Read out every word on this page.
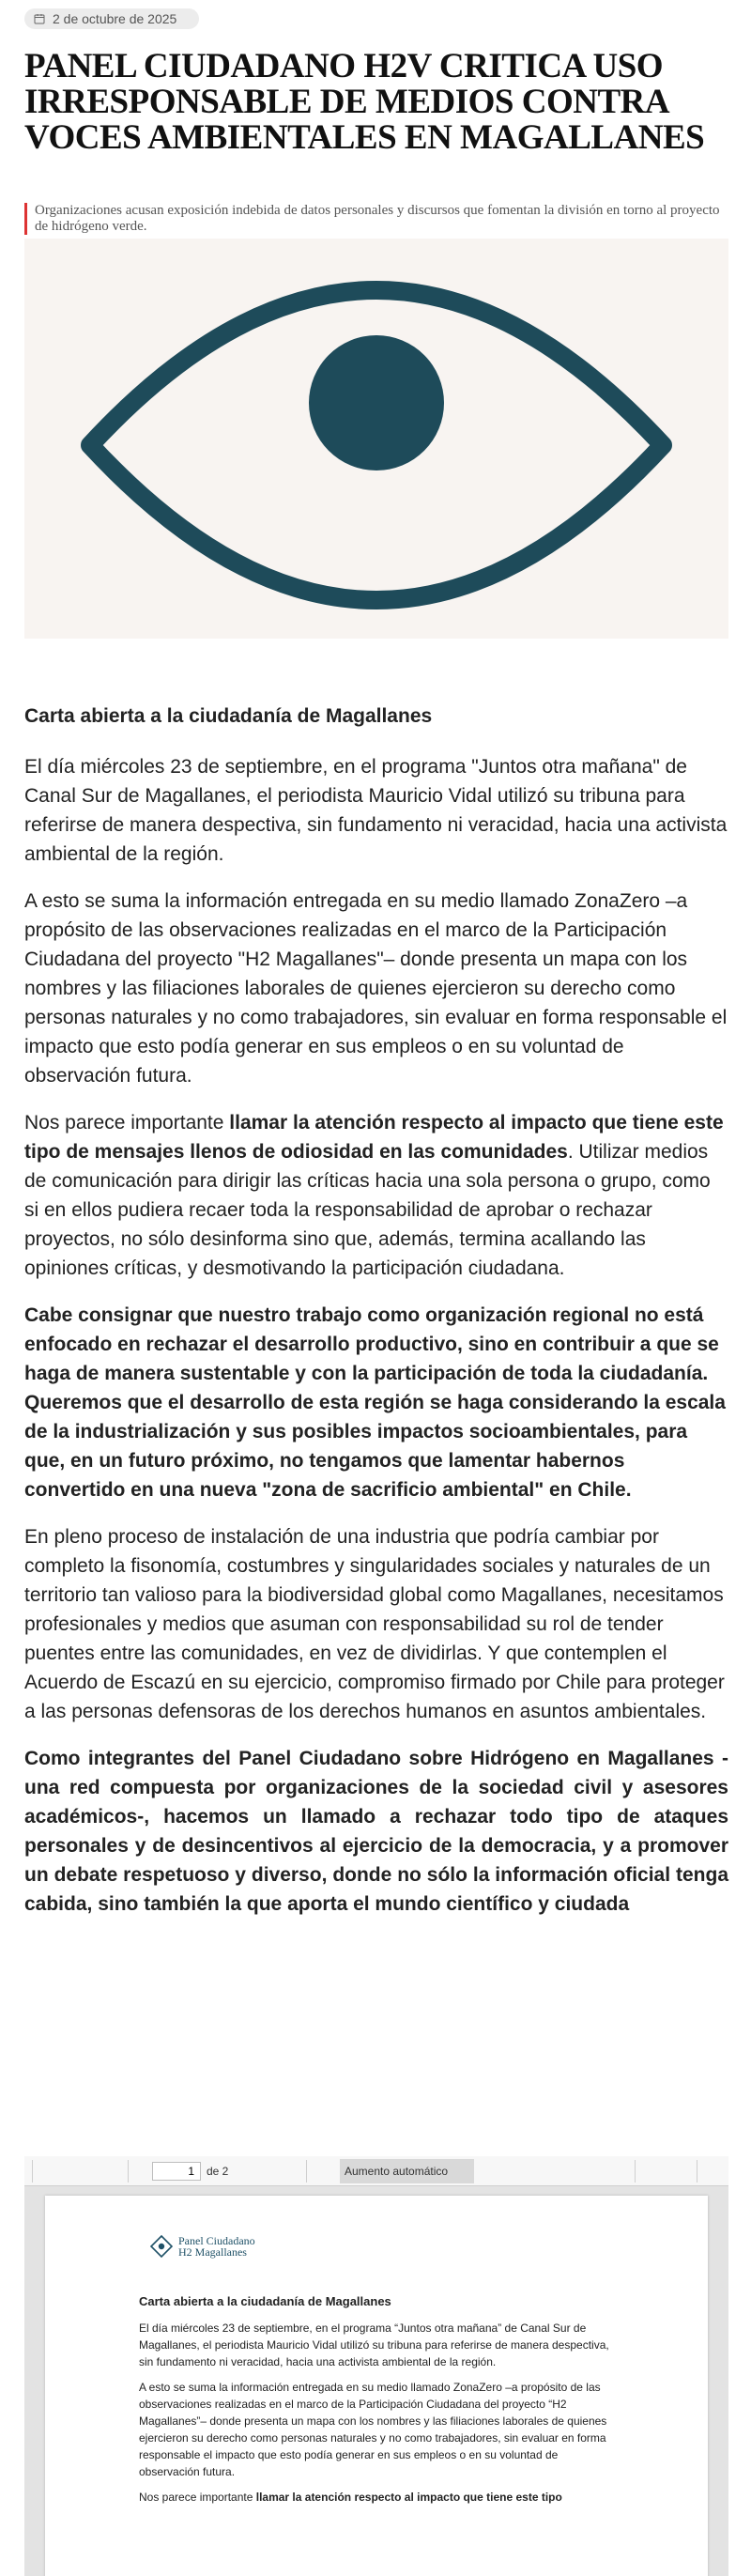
2 de octubre de 2025
PANEL CIUDADANO H2V CRITICA USO IRRESPONSABLE DE MEDIOS CONTRA VOCES AMBIENTALES EN MAGALLANES
Organizaciones acusan exposición indebida de datos personales y discursos que fomentan la división en torno al proyecto de hidrógeno verde.
Carta abierta a la ciudadanía de Magallanes

El día miércoles 23 de septiembre, en el programa "Juntos otra mañana" de Canal Sur de Magallanes, el periodista Mauricio Vidal utilizó su tribuna para referirse de manera despectiva, sin fundamento ni veracidad, hacia una activista ambiental de la región.

A esto se suma la información entregada en su medio llamado ZonaZero –a propósito de las observaciones realizadas en el marco de la Participación Ciudadana del proyecto "H2 Magallanes"– donde presenta un mapa con los nombres y las filiaciones laborales de quienes ejercieron su derecho como personas naturales y no como trabajadores, sin evaluar en forma responsable el impacto que esto podía generar en sus empleos o en su voluntad de observación futura.

Nos parece importante llamar la atención respecto al impacto que tiene este tipo de mensajes llenos de odiosidad en las comunidades. Utilizar medios de comunicación para dirigir las críticas hacia una sola persona o grupo, como si en ellos pudiera recaer toda la responsabilidad de aprobar o rechazar proyectos, no sólo desinforma sino que, además, termina acallando las opiniones críticas, y desmotivando la participación ciudadana.

Cabe consignar que nuestro trabajo como organización regional no está enfocado en rechazar el desarrollo productivo, sino en contribuir a que se haga de manera sustentable y con la participación de toda la ciudadanía. Queremos que el desarrollo de esta región se haga considerando la escala de la industrialización y sus posibles impactos socioambientales, para que, en un futuro próximo, no tengamos que lamentar habernos convertido en una nueva "zona de sacrificio ambiental" en Chile.

En pleno proceso de instalación de una industria que podría cambiar por completo la fisonomía, costumbres y singularidades sociales y naturales de un territorio tan valioso para la biodiversidad global como Magallanes, necesitamos profesionales y medios que asuman con responsabilidad su rol de tender puentes entre las comunidades, en vez de dividirlas. Y que contemplen el Acuerdo de Escazú en su ejercicio, compromiso firmado por Chile para proteger a las personas defensoras de los derechos humanos en asuntos ambientales.

Como integrantes del Panel Ciudadano sobre Hidrógeno en Magallanes - una red compuesta por organizaciones de la sociedad civil y asesores académicos-, hacemos un llamado a rechazar todo tipo de ataques personales y de desincentivos al ejercicio de la democracia, y a promover un debate respetuoso y diverso, donde no sólo la información oficial tenga cabida, sino también la que aporta el mundo científico y ciudada

1
de 2	Aumento automático
Panel Ciudadano
H2 Magallanes
Carta abierta a la ciudadanía de Magallanes

El día miércoles 23 de septiembre, en el programa “Juntos otra mañana” de Canal Sur de Magallanes, el periodista Mauricio Vidal utilizó su tribuna para referirse de manera despectiva, sin fundamento ni veracidad, hacia una activista ambiental de la región.

A esto se suma la información entregada en su medio llamado ZonaZero –a propósito de las observaciones realizadas en el marco de la Participación Ciudadana del proyecto “H2 Magallanes”– donde presenta un mapa con los nombres y las filiaciones laborales de quienes ejercieron su derecho como personas naturales y no como trabajadores, sin evaluar en forma responsable el impacto que esto podía generar en sus empleos o en su voluntad de observación futura.

Nos parece importante llamar la atención respecto al impacto que tiene este tipo
